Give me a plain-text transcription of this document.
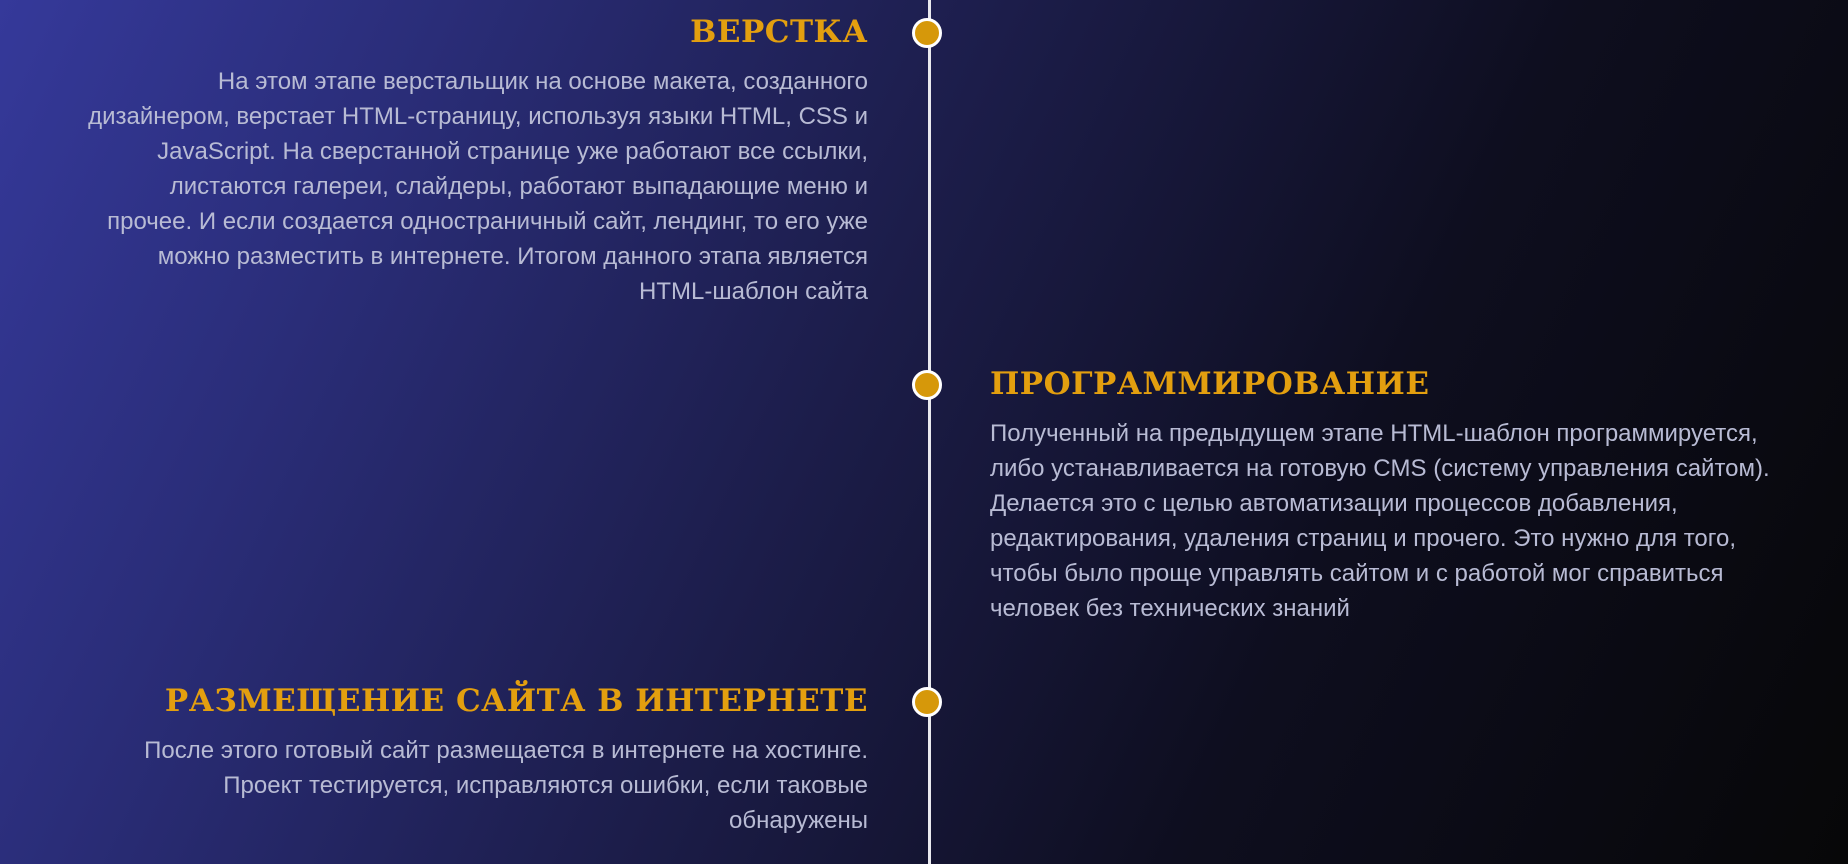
ВЕРСТКА

На этом этапе верстальщик на основе макета, созданного
дизайнером, верстает HTML-страницу, используя языки HTML, CSS и
JavaScript. На сверстанной странице уже работают все ссылки,
листаются галереи, слайдеры, работают выпадающие меню и
прочее. И если создается одностраничный сайт, лендинг, то его уже
можно разместить в интернете. Итогом данного этапа является
HTML-шаблон сайта

ПРОГРАММИРОВАНИЕ

Полученный на предыдущем этапе HTML-шаблон программируется,
либо устанавливается на готовую CMS (систему управления сайтом).
Делается это с целью автоматизации процессов добавления,
редактирования, удаления страниц и прочего. Это нужно для того,
чтобы было проще управлять сайтом и с работой мог справиться
человек без технических знаний

РАЗМЕЩЕНИЕ САЙТА В ИНТЕРНЕТЕ

После этого готовый сайт размещается в интернете на хостинге.
Проект тестируется, исправляются ошибки, если таковые
обнаружены
